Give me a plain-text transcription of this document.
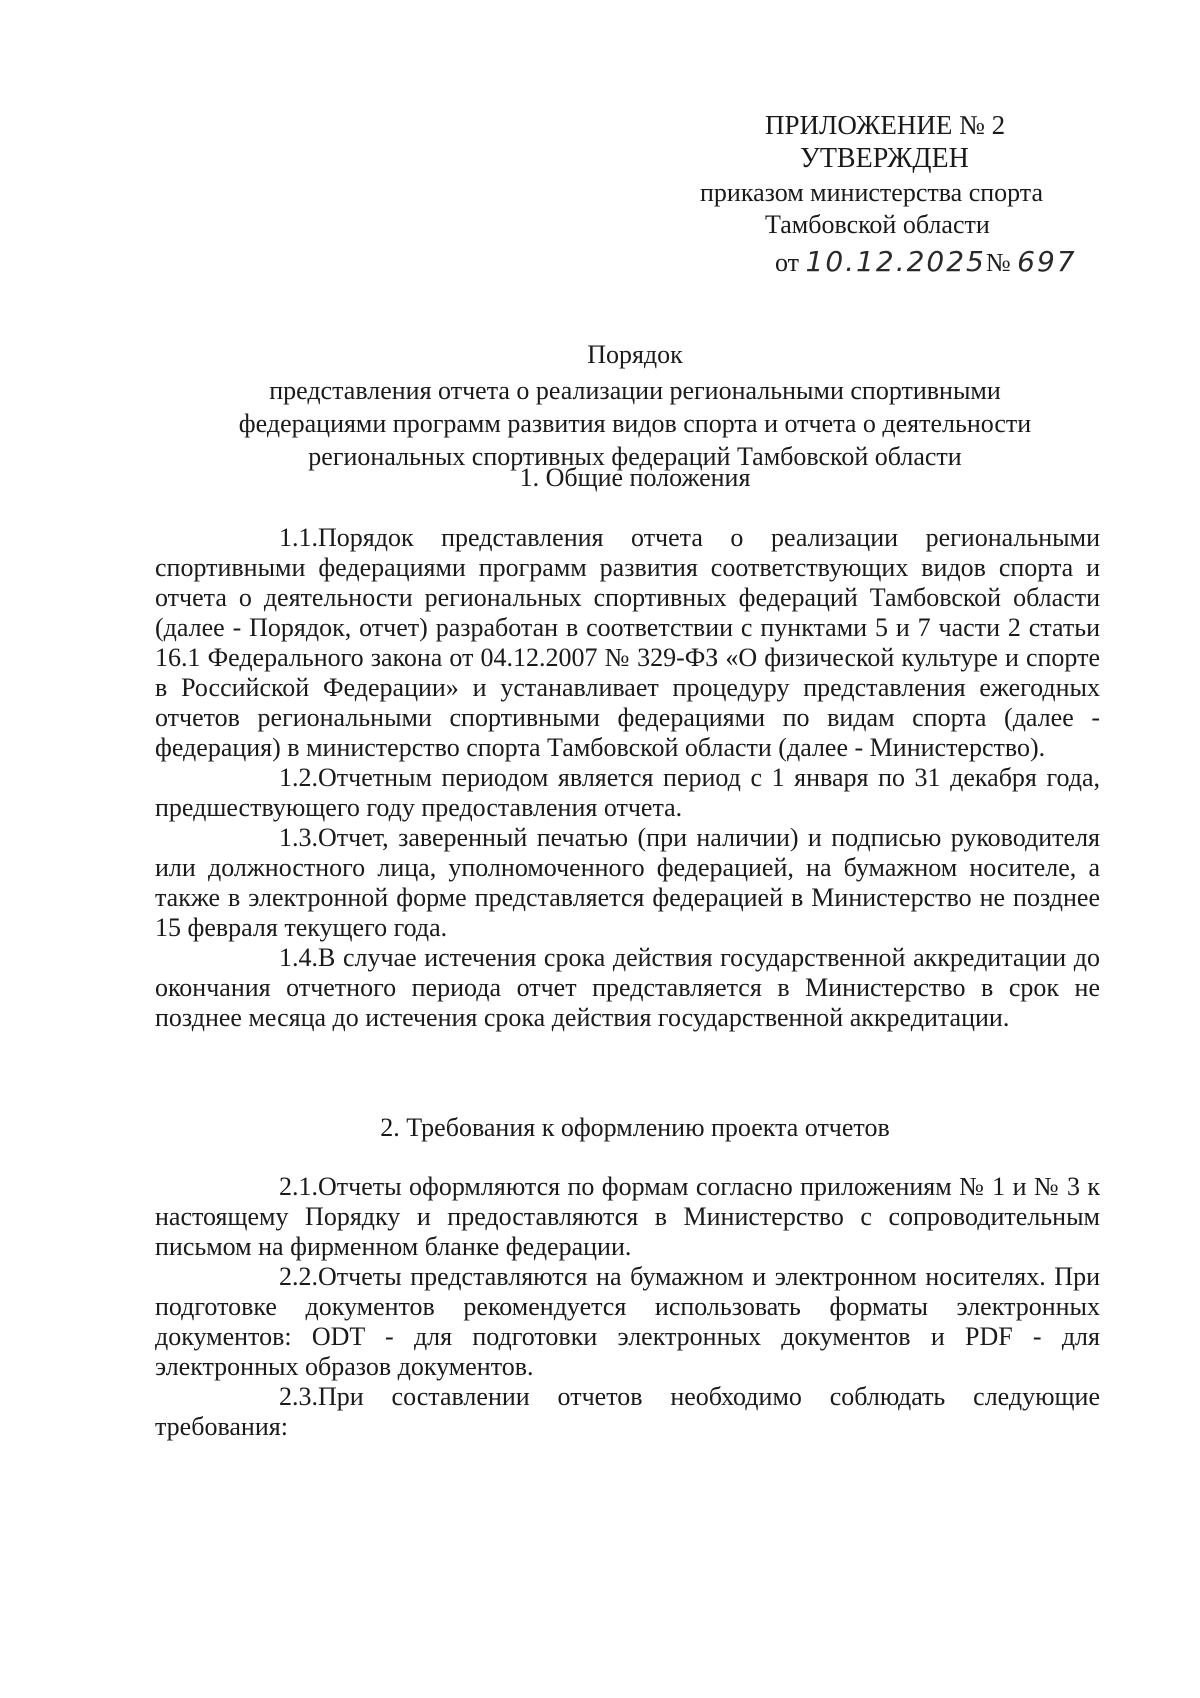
ПРИЛОЖЕНИЕ № 2
УТВЕРЖДЕН
приказом министерства спорта
Тамбовской области
от 10.12.2025№ 697
Порядок
представления отчета о реализации региональными спортивными федерациями программ развития видов спорта и отчета о деятельности региональных спортивных федераций Тамбовской области
1. Общие положения

1.1.Порядок представления отчета о реализации региональными спортивными федерациями программ развития соответствующих видов спорта и отчета о деятельности региональных спортивных федераций Тамбовской области (далее - Порядок, отчет) разработан в соответствии с пунктами 5 и 7 части 2 статьи 16.1 Федерального закона от 04.12.2007 № 329-ФЗ «О физической культуре и спорте в Российской Федерации» и устанавливает процедуру представления ежегодных отчетов региональными спортивными федерациями по видам спорта (далее - федерация) в министерство спорта Тамбовской области (далее - Министерство).

1.2.Отчетным периодом является период с 1 января по 31 декабря года, предшествующего году предоставления отчета.

1.3.Отчет, заверенный печатью (при наличии) и подписью руководителя или должностного лица, уполномоченного федерацией, на бумажном носителе, а также в электронной форме представляется федерацией в Министерство не позднее 15 февраля текущего года.

1.4.В случае истечения срока действия государственной аккредитации до окончания отчетного периода отчет представляется в Министерство в срок не позднее месяца до истечения срока действия государственной аккредитации.

2. Требования к оформлению проекта отчетов

2.1.Отчеты оформляются по формам согласно приложениям № 1 и № 3 к настоящему Порядку и предоставляются в Министерство с сопроводительным письмом на фирменном бланке федерации.

2.2.Отчеты представляются на бумажном и электронном носителях. При подготовке документов рекомендуется использовать форматы электронных документов: ODT - для подготовки электронных документов и PDF - для электронных образов документов.

2.3.При составлении отчетов необходимо соблюдать следующие требования:
